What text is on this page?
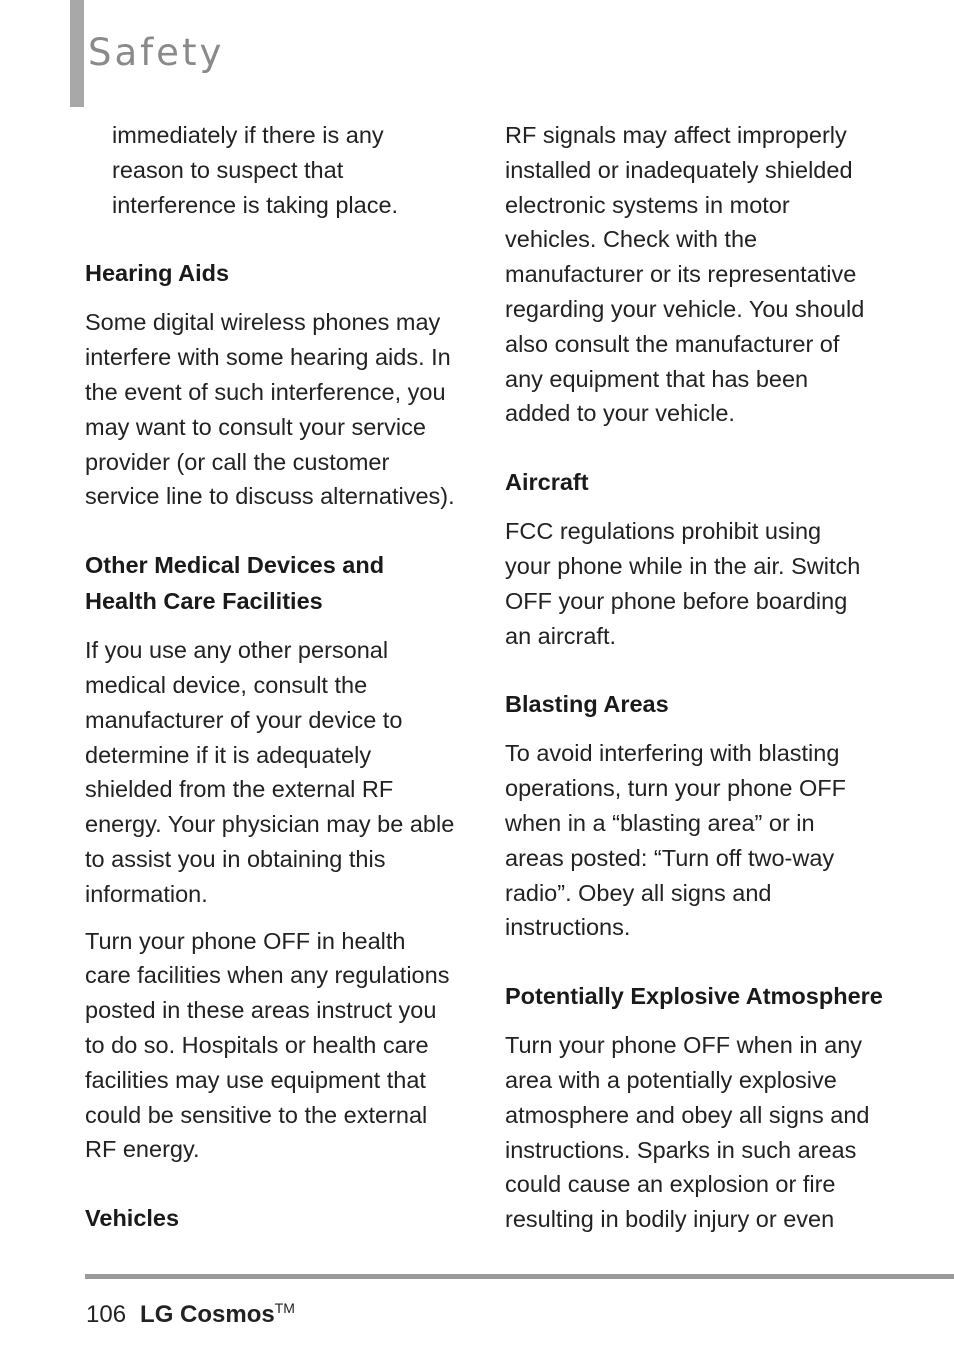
Safety

immediately if there is any
reason to suspect that
interference is taking place.

Hearing Aids

Some digital wireless phones may
interfere with some hearing aids. In
the event of such interference, you
may want to consult your service
provider (or call the customer
service line to discuss alternatives).

Other Medical Devices and
Health Care Facilities

If you use any other personal
medical device, consult the
manufacturer of your device to
determine if it is adequately
shielded from the external RF
energy. Your physician may be able
to assist you in obtaining this
information.

Turn your phone OFF in health
care facilities when any regulations
posted in these areas instruct you
to do so. Hospitals or health care
facilities may use equipment that
could be sensitive to the external
RF energy.

Vehicles

RF signals may affect improperly
installed or inadequately shielded
electronic systems in motor
vehicles. Check with the
manufacturer or its representative
regarding your vehicle. You should
also consult the manufacturer of
any equipment that has been
added to your vehicle.

Aircraft

FCC regulations prohibit using
your phone while in the air. Switch
OFF your phone before boarding
an aircraft.

Blasting Areas

To avoid interfering with blasting
operations, turn your phone OFF
when in a “blasting area” or in
areas posted: “Turn off two-way
radio”. Obey all signs and
instructions.

Potentially Explosive Atmosphere

Turn your phone OFF when in any
area with a potentially explosive
atmosphere and obey all signs and
instructions. Sparks in such areas
could cause an explosion or fire
resulting in bodily injury or even

106 LG Cosmos™
